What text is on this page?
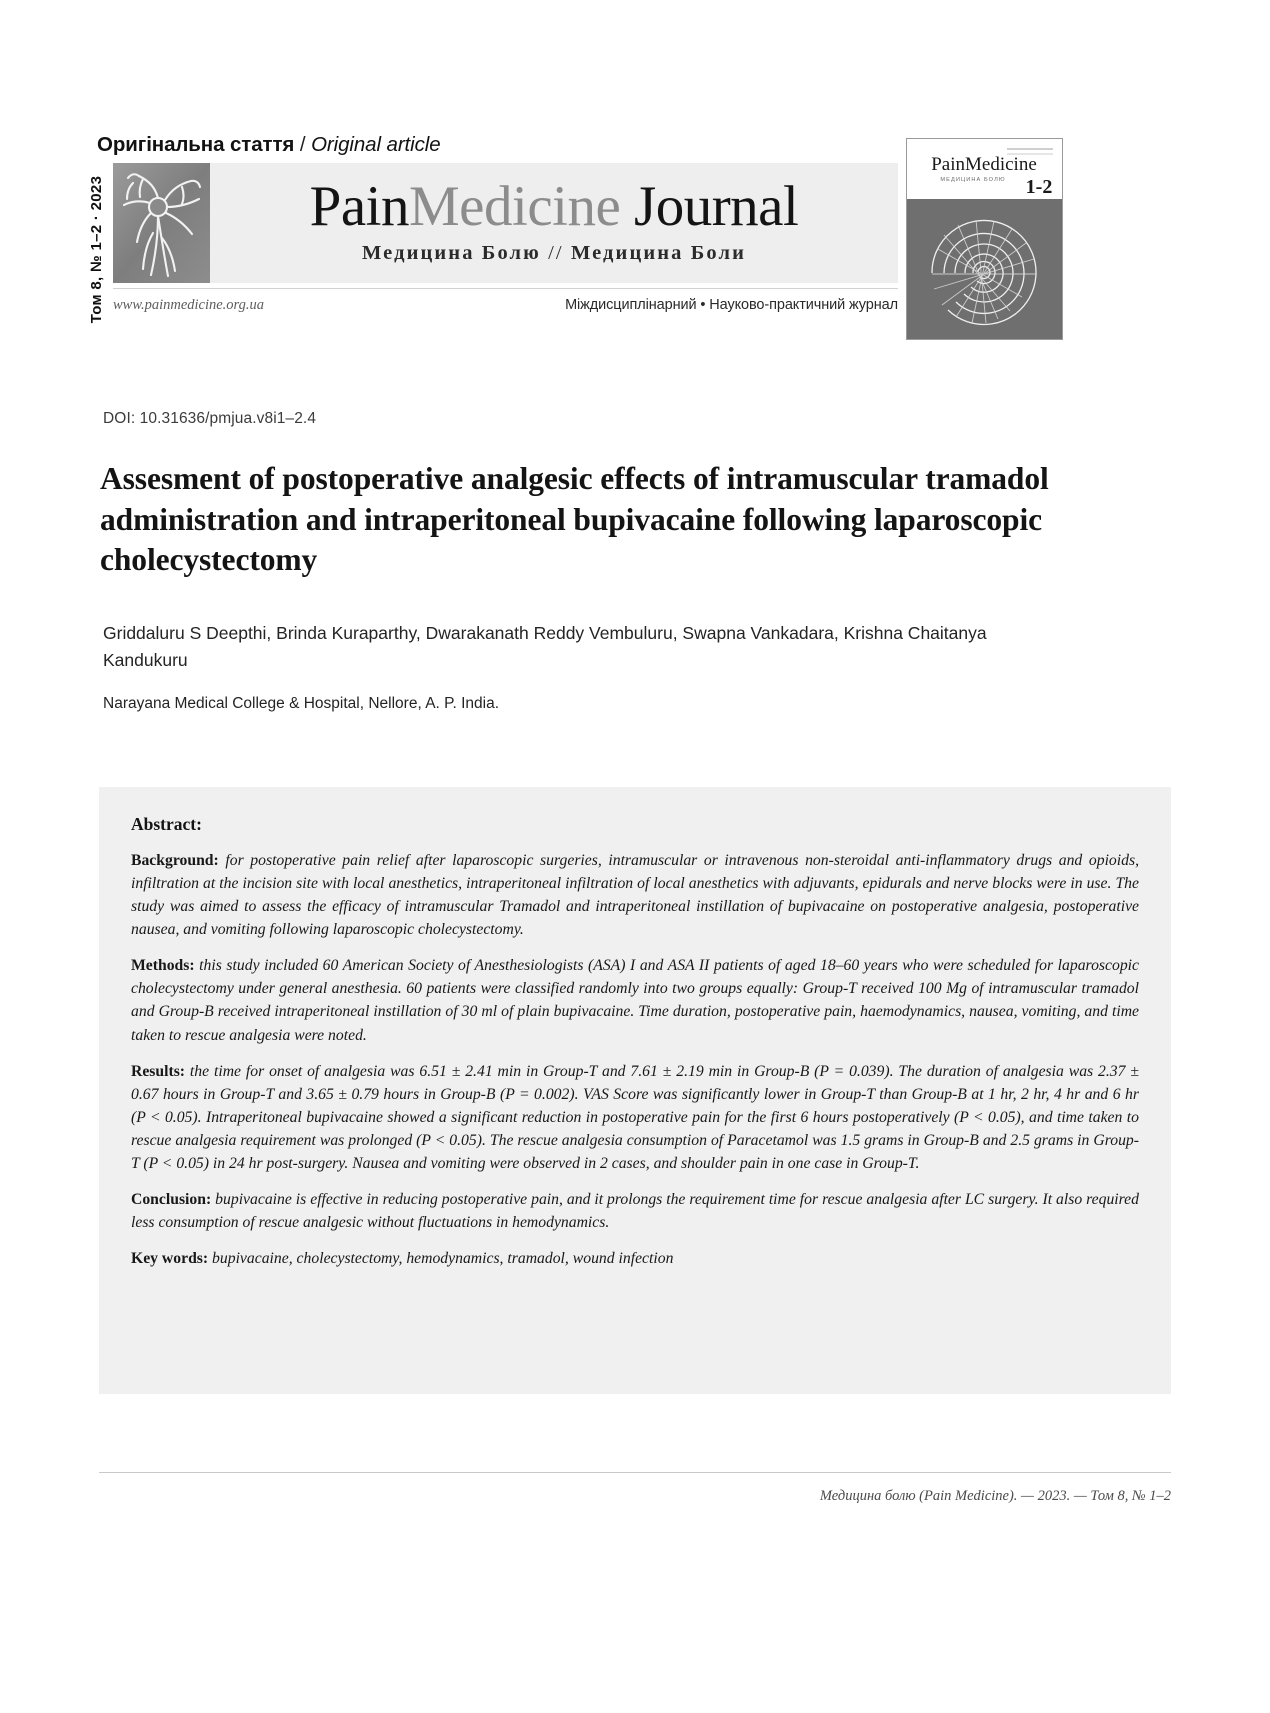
Оригінальна стаття / Original article
Том 8, № 1–2 · 2023	PainMedicine Journal
Медицина Болю // Медицина Боли
www.painmedicine.org.ua	Міждисциплінарний • Науково-практичний журнал
PainMedicine
МЕДИЦИНА БОЛЮ 1-2
DOI: 10.31636/pmjua.v8i1–2.4
Assesment of postoperative analgesic effects of intramuscular tramadol administration and intraperitoneal bupivacaine following laparoscopic cholecystectomy
Griddaluru S Deepthi, Brinda Kuraparthy, Dwarakanath Reddy Vembuluru, Swapna Vankadara, Krishna Chaitanya Kandukuru
Narayana Medical College & Hospital, Nellore, A. P. India.
Abstract:

Background: for postoperative pain relief after laparoscopic surgeries, intramuscular or intravenous non-steroidal anti-inflammatory drugs and opioids, infiltration at the incision site with local anesthetics, intraperitoneal infiltration of local anesthetics with adjuvants, epidurals and nerve blocks were in use. The study was aimed to assess the efficacy of intramuscular Tramadol and intraperitoneal instillation of bupivacaine on postoperative analgesia, postoperative nausea, and vomiting following laparoscopic cholecystectomy.

Methods: this study included 60 American Society of Anesthesiologists (ASA) I and ASA II patients of aged 18–60 years who were scheduled for laparoscopic cholecystectomy under general anesthesia. 60 patients were classified randomly into two groups equally: Group-T received 100 Mg of intramuscular tramadol and Group-B received intraperitoneal instillation of 30 ml of plain bupivacaine. Time duration, postoperative pain, haemodynamics, nausea, vomiting, and time taken to rescue analgesia were noted.

Results: the time for onset of analgesia was 6.51 ± 2.41 min in Group-T and 7.61 ± 2.19 min in Group-B (P = 0.039). The duration of analgesia was 2.37 ± 0.67 hours in Group-T and 3.65 ± 0.79 hours in Group-B (P = 0.002). VAS Score was significantly lower in Group-T than Group-B at 1 hr, 2 hr, 4 hr and 6 hr (P < 0.05). Intraperitoneal bupivacaine showed a significant reduction in postoperative pain for the first 6 hours postoperatively (P < 0.05), and time taken to rescue analgesia requirement was prolonged (P < 0.05). The rescue analgesia consumption of Paracetamol was 1.5 grams in Group-B and 2.5 grams in Group-T (P < 0.05) in 24 hr post-surgery. Nausea and vomiting were observed in 2 cases, and shoulder pain in one case in Group-T.

Conclusion: bupivacaine is effective in reducing postoperative pain, and it prolongs the requirement time for rescue analgesia after LC surgery. It also required less consumption of rescue analgesic without fluctuations in hemodynamics.

Key words: bupivacaine, cholecystectomy, hemodynamics, tramadol, wound infection

Медицина болю (Pain Medicine). — 2023. — Том 8, № 1–2
